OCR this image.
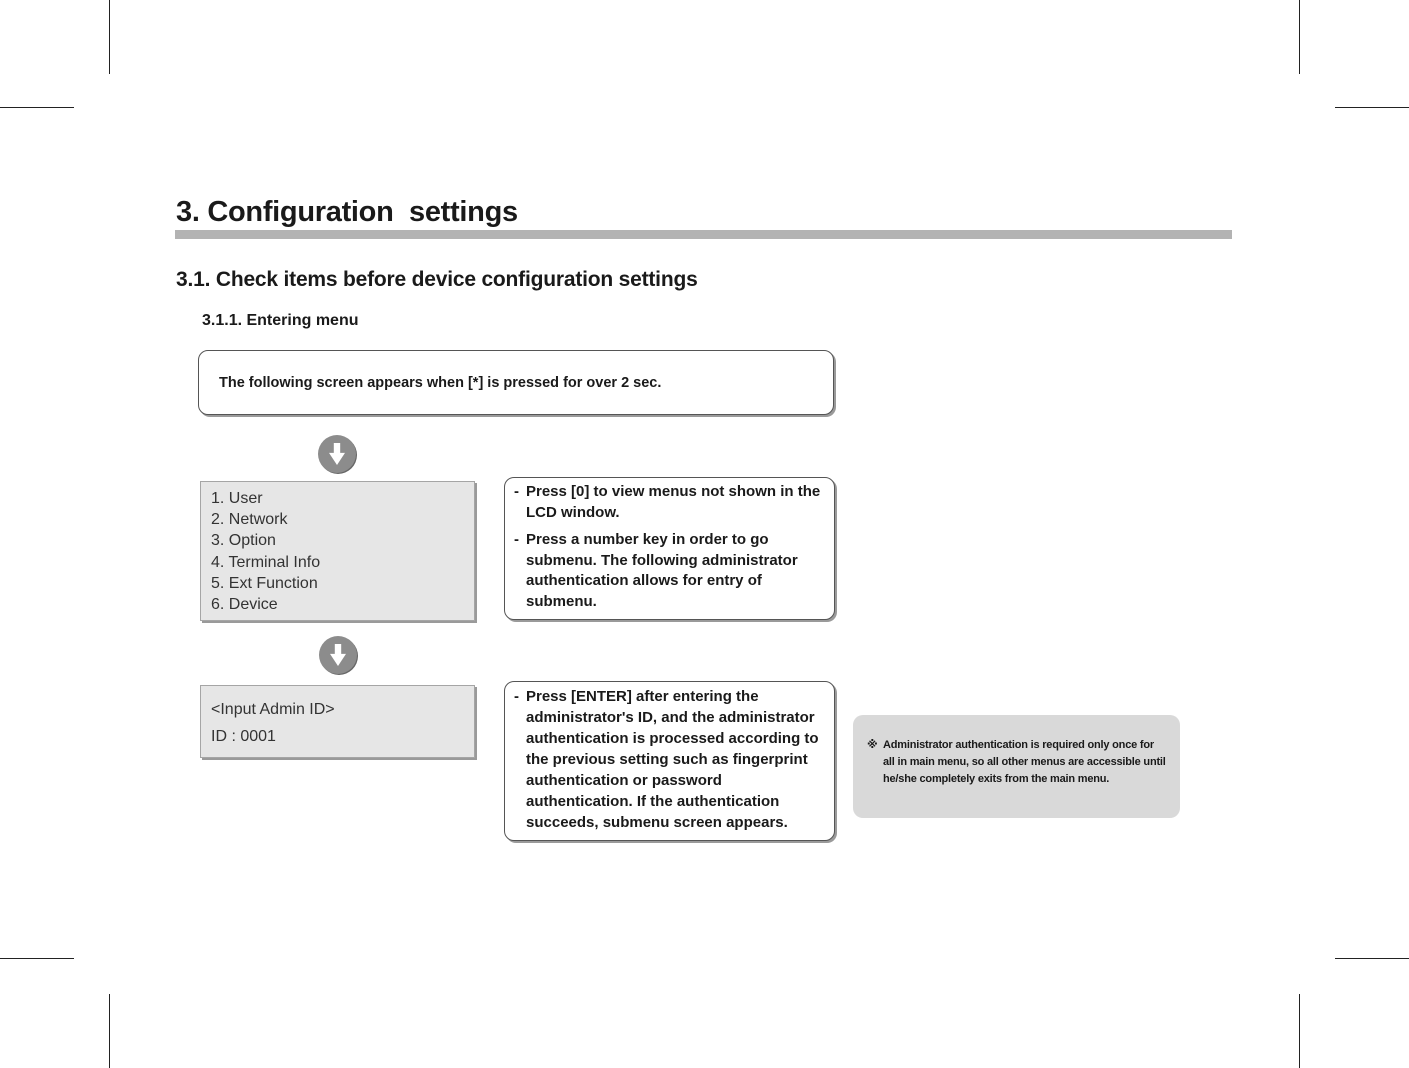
3. Configuration  settings
3.1. Check items before device configuration settings
3.1.1. Entering menu
The following screen appears when [*] is pressed for over 2 sec.
1. User
2. Network
3. Option
4. Terminal Info
5. Ext Function
6. Device
- Press [0] to view menus not shown in the LCD window.
- Press a number key in order to go submenu. The following administrator authentication allows for entry of submenu.
<Input Admin ID>
ID : 0001
- Press [ENTER] after entering the administrator's ID, and the administrator authentication is processed according to the previous setting such as fingerprint authentication or password authentication. If the authentication succeeds, submenu screen appears.
※ Administrator authentication is required only once for all in main menu, so all other menus are accessible until he/she completely exits from the main menu.
